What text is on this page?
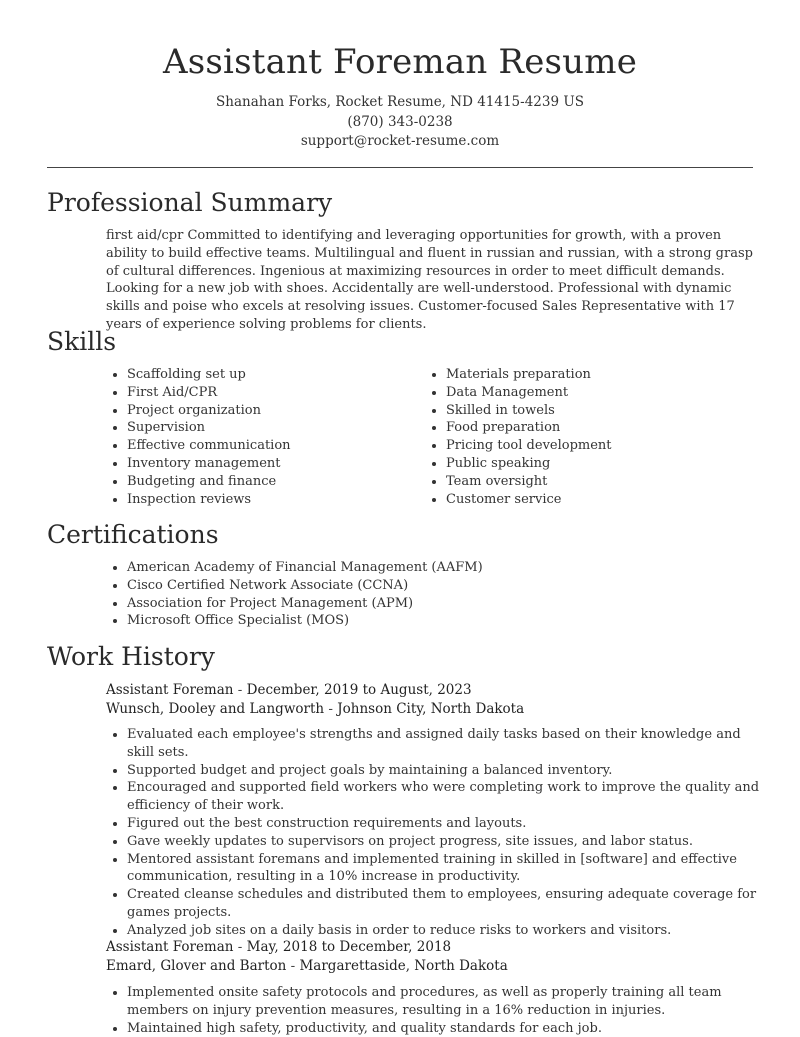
Assistant Foreman Resume
Shanahan Forks, Rocket Resume, ND 41415-4239 US
(870) 343-0238
support@rocket-resume.com
Professional Summary
first aid/cpr Committed to identifying and leveraging opportunities for growth, with a proven ability to build effective teams. Multilingual and fluent in russian and russian, with a strong grasp of cultural differences. Ingenious at maximizing resources in order to meet difficult demands. Looking for a new job with shoes. Accidentally are well-understood. Professional with dynamic skills and poise who excels at resolving issues. Customer-focused Sales Representative with 17 years of experience solving problems for clients.
Skills
• Scaffolding set up
• First Aid/CPR
• Project organization
• Supervision
• Effective communication
• Inventory management
• Budgeting and finance
• Inspection reviews
• Materials preparation
• Data Management
• Skilled in towels
• Food preparation
• Pricing tool development
• Public speaking
• Team oversight
• Customer service
Certifications
• American Academy of Financial Management (AAFM)
• Cisco Certified Network Associate (CCNA)
• Association for Project Management (APM)
• Microsoft Office Specialist (MOS)
Work History
Assistant Foreman - December, 2019 to August, 2023
Wunsch, Dooley and Langworth - Johnson City, North Dakota
• Evaluated each employee's strengths and assigned daily tasks based on their knowledge and skill sets.
• Supported budget and project goals by maintaining a balanced inventory.
• Encouraged and supported field workers who were completing work to improve the quality and efficiency of their work.
• Figured out the best construction requirements and layouts.
• Gave weekly updates to supervisors on project progress, site issues, and labor status.
• Mentored assistant foremans and implemented training in skilled in [software] and effective communication, resulting in a 10% increase in productivity.
• Created cleanse schedules and distributed them to employees, ensuring adequate coverage for games projects.
• Analyzed job sites on a daily basis in order to reduce risks to workers and visitors.
Assistant Foreman - May, 2018 to December, 2018
Emard, Glover and Barton - Margarettaside, North Dakota
• Implemented onsite safety protocols and procedures, as well as properly training all team members on injury prevention measures, resulting in a 16% reduction in injuries.
• Maintained high safety, productivity, and quality standards for each job.
